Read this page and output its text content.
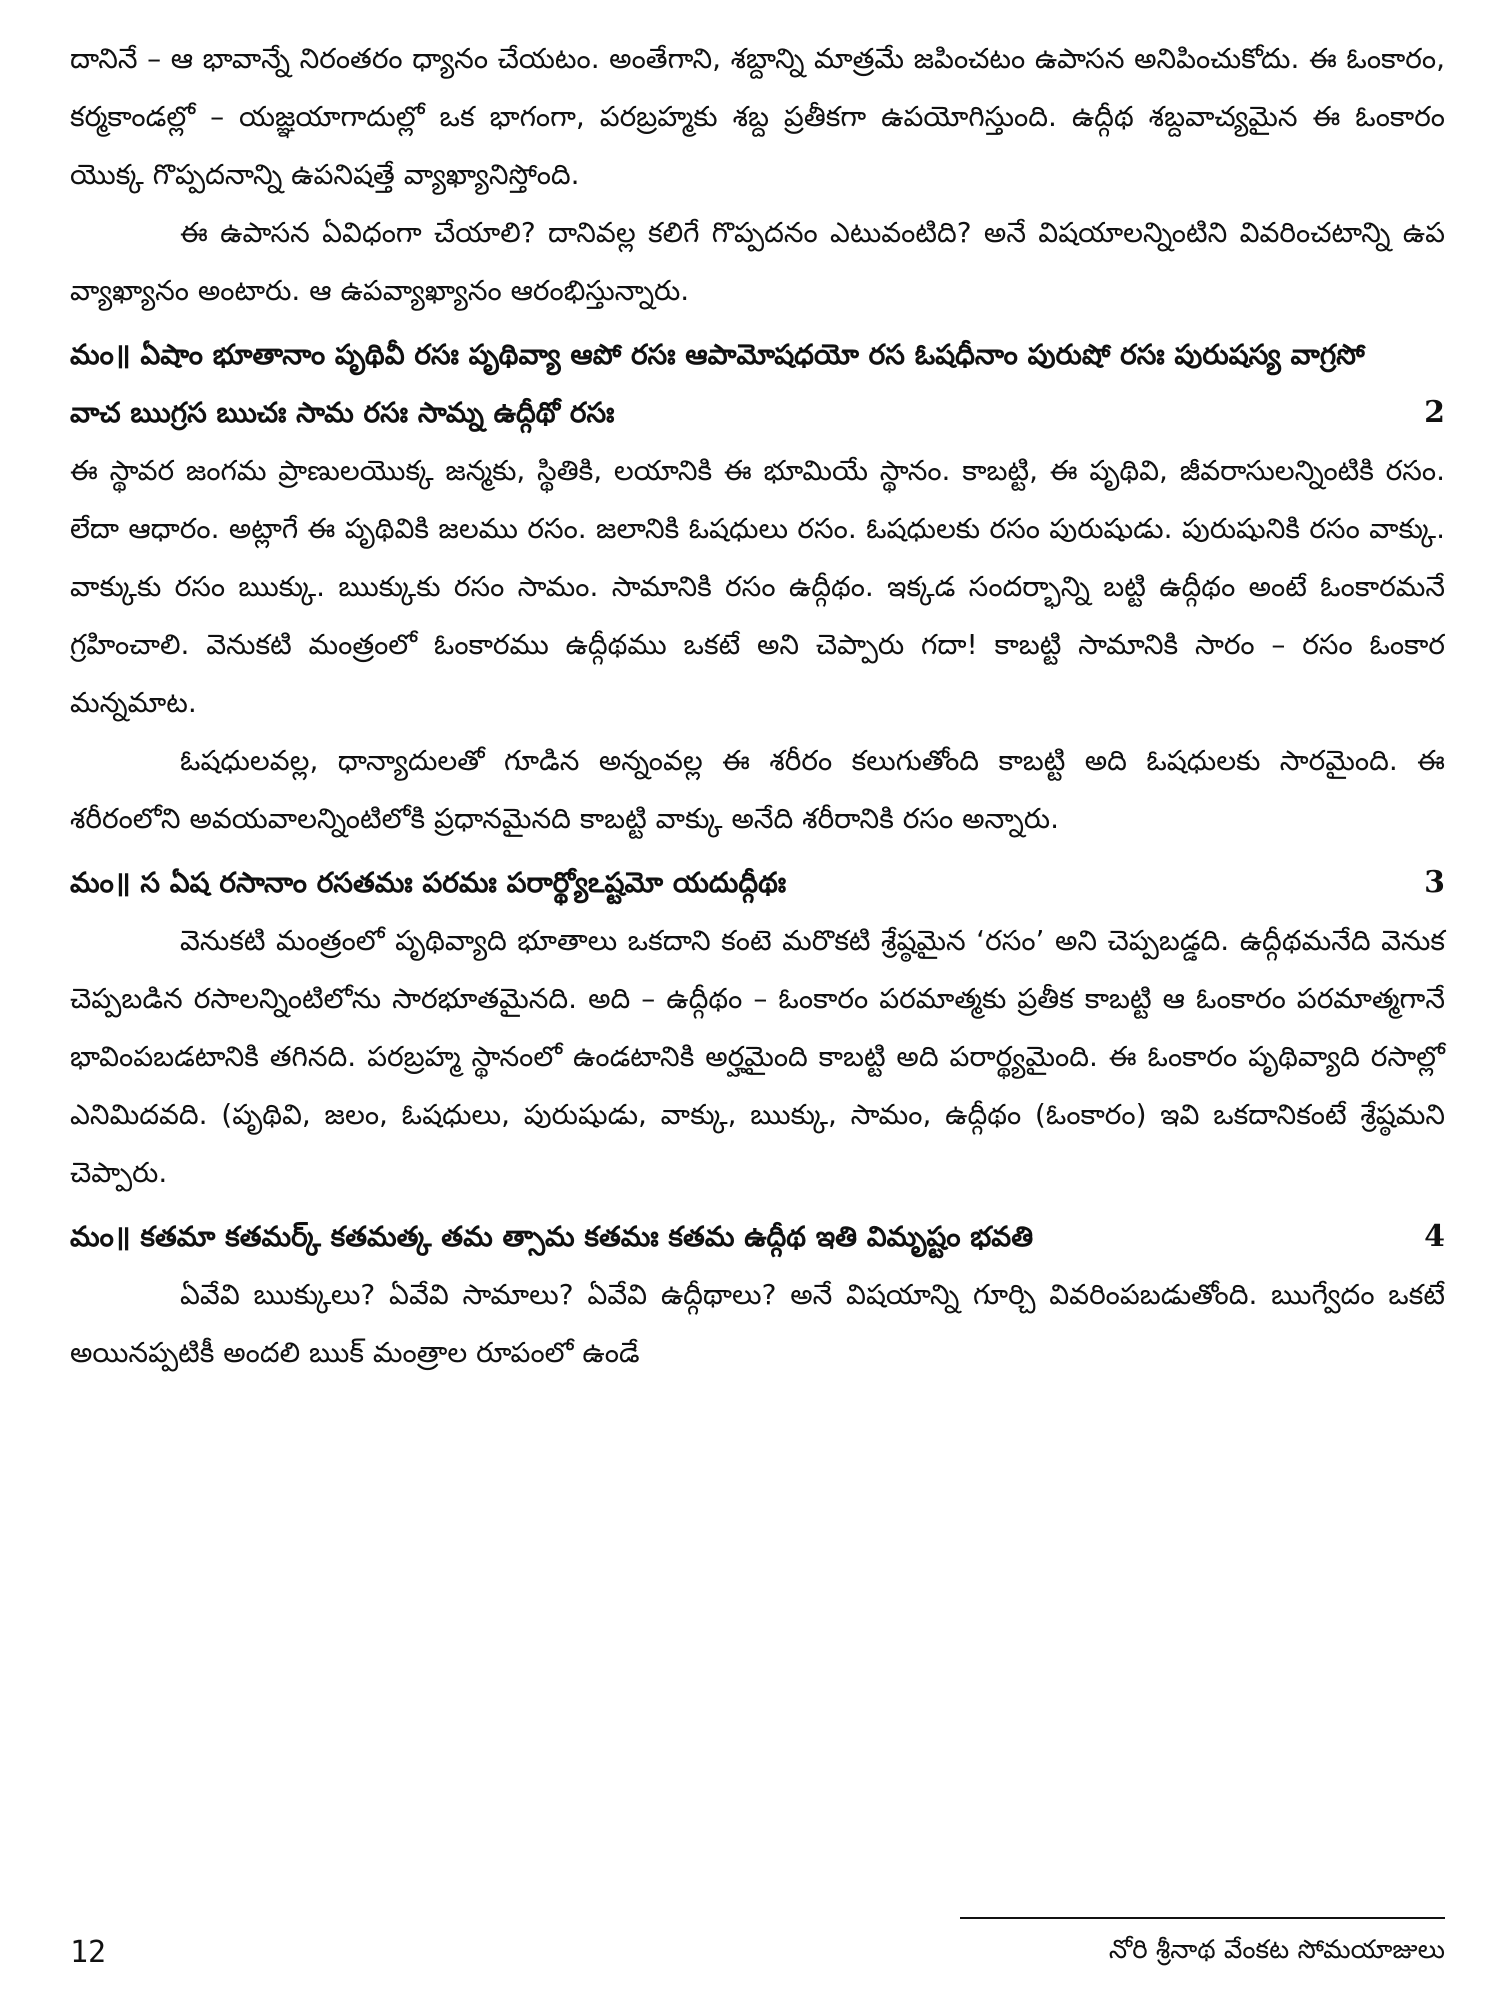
దానినే – ఆ భావాన్నే నిరంతరం ధ్యానం చేయటం. అంతేగాని, శబ్దాన్ని మాత్రమే జపించటం ఉపాసన అనిపించుకోదు. ఈ ఓంకారం, కర్మకాండల్లో – యజ్ఞయాగాదుల్లో ఒక భాగంగా, పరబ్రహ్మకు శబ్ద ప్రతీకగా ఉపయోగిస్తుంది. ఉద్గీథ శబ్దవాచ్యమైన ఈ ఓంకారం యొక్క గొప్పదనాన్ని ఉపనిషత్తే వ్యాఖ్యానిస్తోంది.

ఈ ఉపాసన ఏవిధంగా చేయాలి? దానివల్ల కలిగే గొప్పదనం ఎటువంటిది? అనే విషయాలన్నింటిని వివరించటాన్ని ఉప వ్యాఖ్యానం అంటారు. ఆ ఉపవ్యాఖ్యానం ఆరంభిస్తున్నారు.

మం॥ ఏషాం భూతానాం పృథివీ రసః పృథివ్యా ఆపో రసః ఆపామోషధయో రస ఓషధీనాం పురుషో రసః పురుషస్య వాగ్రసో వాచ ఋగ్రస ఋచః సామ రసః సామ్న ఉద్గీథో రసః	2

ఈ స్థావర జంగమ ప్రాణులయొక్క జన్మకు, స్థితికి, లయానికి ఈ భూమియే స్థానం. కాబట్టి, ఈ పృథివి, జీవరాసులన్నింటికి రసం. లేదా ఆధారం. అట్లాగే ఈ పృథివికి జలము రసం. జలానికి ఓషధులు రసం. ఓషధులకు రసం పురుషుడు. పురుషునికి రసం వాక్కు. వాక్కుకు రసం ఋక్కు. ఋక్కుకు రసం సామం. సామానికి రసం ఉద్గీథం. ఇక్కడ సందర్భాన్ని బట్టి ఉద్గీథం అంటే ఓంకారమనే గ్రహించాలి. వెనుకటి మంత్రంలో ఓంకారము ఉద్గీథము ఒకటే అని చెప్పారు గదా! కాబట్టి సామానికి సారం – రసం ఓంకార మన్నమాట.

ఓషధులవల్ల, ధాన్యాదులతో గూడిన అన్నంవల్ల ఈ శరీరం కలుగుతోంది కాబట్టి అది ఓషధులకు సారమైంది. ఈ శరీరంలోని అవయవాలన్నింటిలోకి ప్రధానమైనది కాబట్టి వాక్కు అనేది శరీరానికి రసం అన్నారు.

మం॥ స ఏష రసానాం రసతమః పరమః పరార్థ్యోఽష్టమో యదుద్గీథః	3

వెనుకటి మంత్రంలో పృథివ్యాది భూతాలు ఒకదాని కంటె మరొకటి శ్రేష్ఠమైన ‘రసం’ అని చెప్పబడ్డది. ఉద్గీథమనేది వెనుక చెప్పబడిన రసాలన్నింటిలోను సారభూతమైనది. అది – ఉద్గీథం – ఓంకారం పరమాత్మకు ప్రతీక కాబట్టి ఆ ఓంకారం పరమాత్మగానే భావింపబడటానికి తగినది. పరబ్రహ్మ స్థానంలో ఉండటానికి అర్హమైంది కాబట్టి అది పరార్థ్యమైంది. ఈ ఓంకారం పృథివ్యాది రసాల్లో ఎనిమిదవది. (పృథివి, జలం, ఓషధులు, పురుషుడు, వాక్కు, ఋక్కు, సామం, ఉద్గీథం (ఓంకారం) ఇవి ఒకదానికంటే శ్రేష్ఠమని చెప్పారు.

మం॥ కతమా కతమర్క్ కతమత్క తమ త్సామ కతమః కతమ ఉద్గీథ ఇతి విమృష్టం భవతి	4

ఏవేవి ఋక్కులు? ఏవేవి సామాలు? ఏవేవి ఉద్గీథాలు? అనే విషయాన్ని గూర్చి వివరింపబడుతోంది. ఋగ్వేదం ఒకటే అయినప్పటికీ అందలి ఋక్ మంత్రాల రూపంలో ఉండే

12	నోరి శ్రీనాథ వేంకట సోమయాజులు
